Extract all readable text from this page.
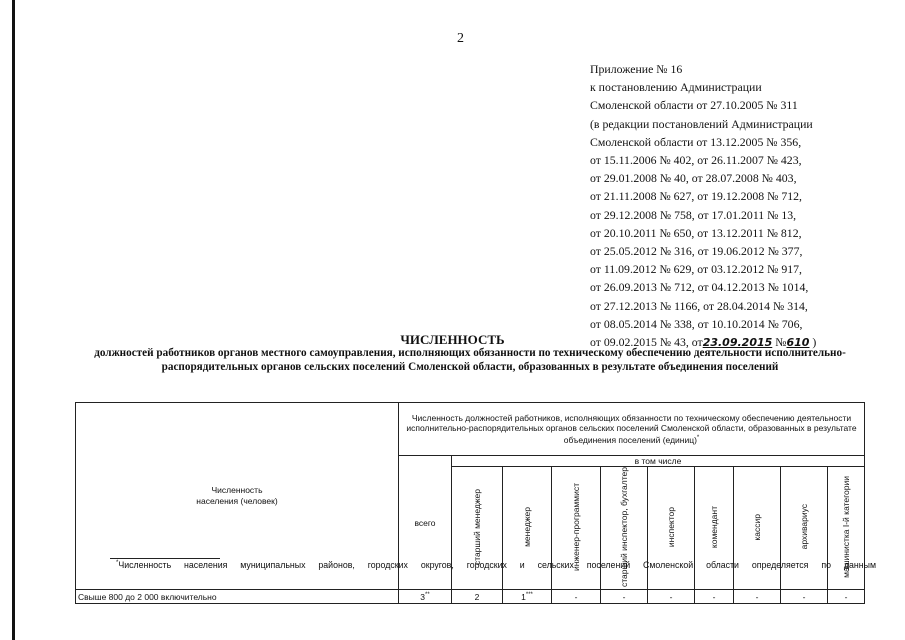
2
Приложение № 16
к постановлению Администрации
Смоленской области от 27.10.2005 № 311
(в редакции постановлений Администрации
Смоленской области от 13.12.2005 № 356,
от 15.11.2006 № 402, от 26.11.2007 № 423,
от 29.01.2008 № 40, от 28.07.2008 № 403,
от 21.11.2008 № 627, от 19.12.2008 № 712,
от 29.12.2008 № 758, от 17.01.2011 № 13,
от 20.10.2011 № 650, от 13.12.2011 № 812,
от 25.05.2012 № 316, от 19.06.2012 № 377,
от 11.09.2012 № 629, от 03.12.2012 № 917,
от 26.09.2013 № 712, от 04.12.2013 № 1014,
от 27.12.2013 № 1166, от 28.04.2014 № 314,
от 08.05.2014 № 338, от 10.10.2014 № 706,
от 09.02.2015 № 43, от23.09.2015 №610 )
ЧИСЛЕННОСТЬ
должностей работников органов местного самоуправления, исполняющих обязанности по техническому обеспечению деятельности исполнительно-распорядительных органов сельских поселений Смоленской области, образованных в результате объединения поселений
Численность населения (человек)	Численность должностей работников, исполняющих обязанности по техническому обеспечению деятельности исполнительно-распорядительных органов сельских поселений Смоленской области, образованных в результате объединения поселений (единиц)*
	всего	в том числе								
		старший менеджер	менеджер	инженер-программист	старший инспектор, бухгалтер	инспектор	комендант	кассир	архивариус	машинистка I-й категории
Свыше 800 до 2 000 включительно	3**	2	1***	-	-	-	-	-	-	-
*Численность населения муниципальных районов, городских округов, городских и сельских поселений Смоленской области определяется по данным
